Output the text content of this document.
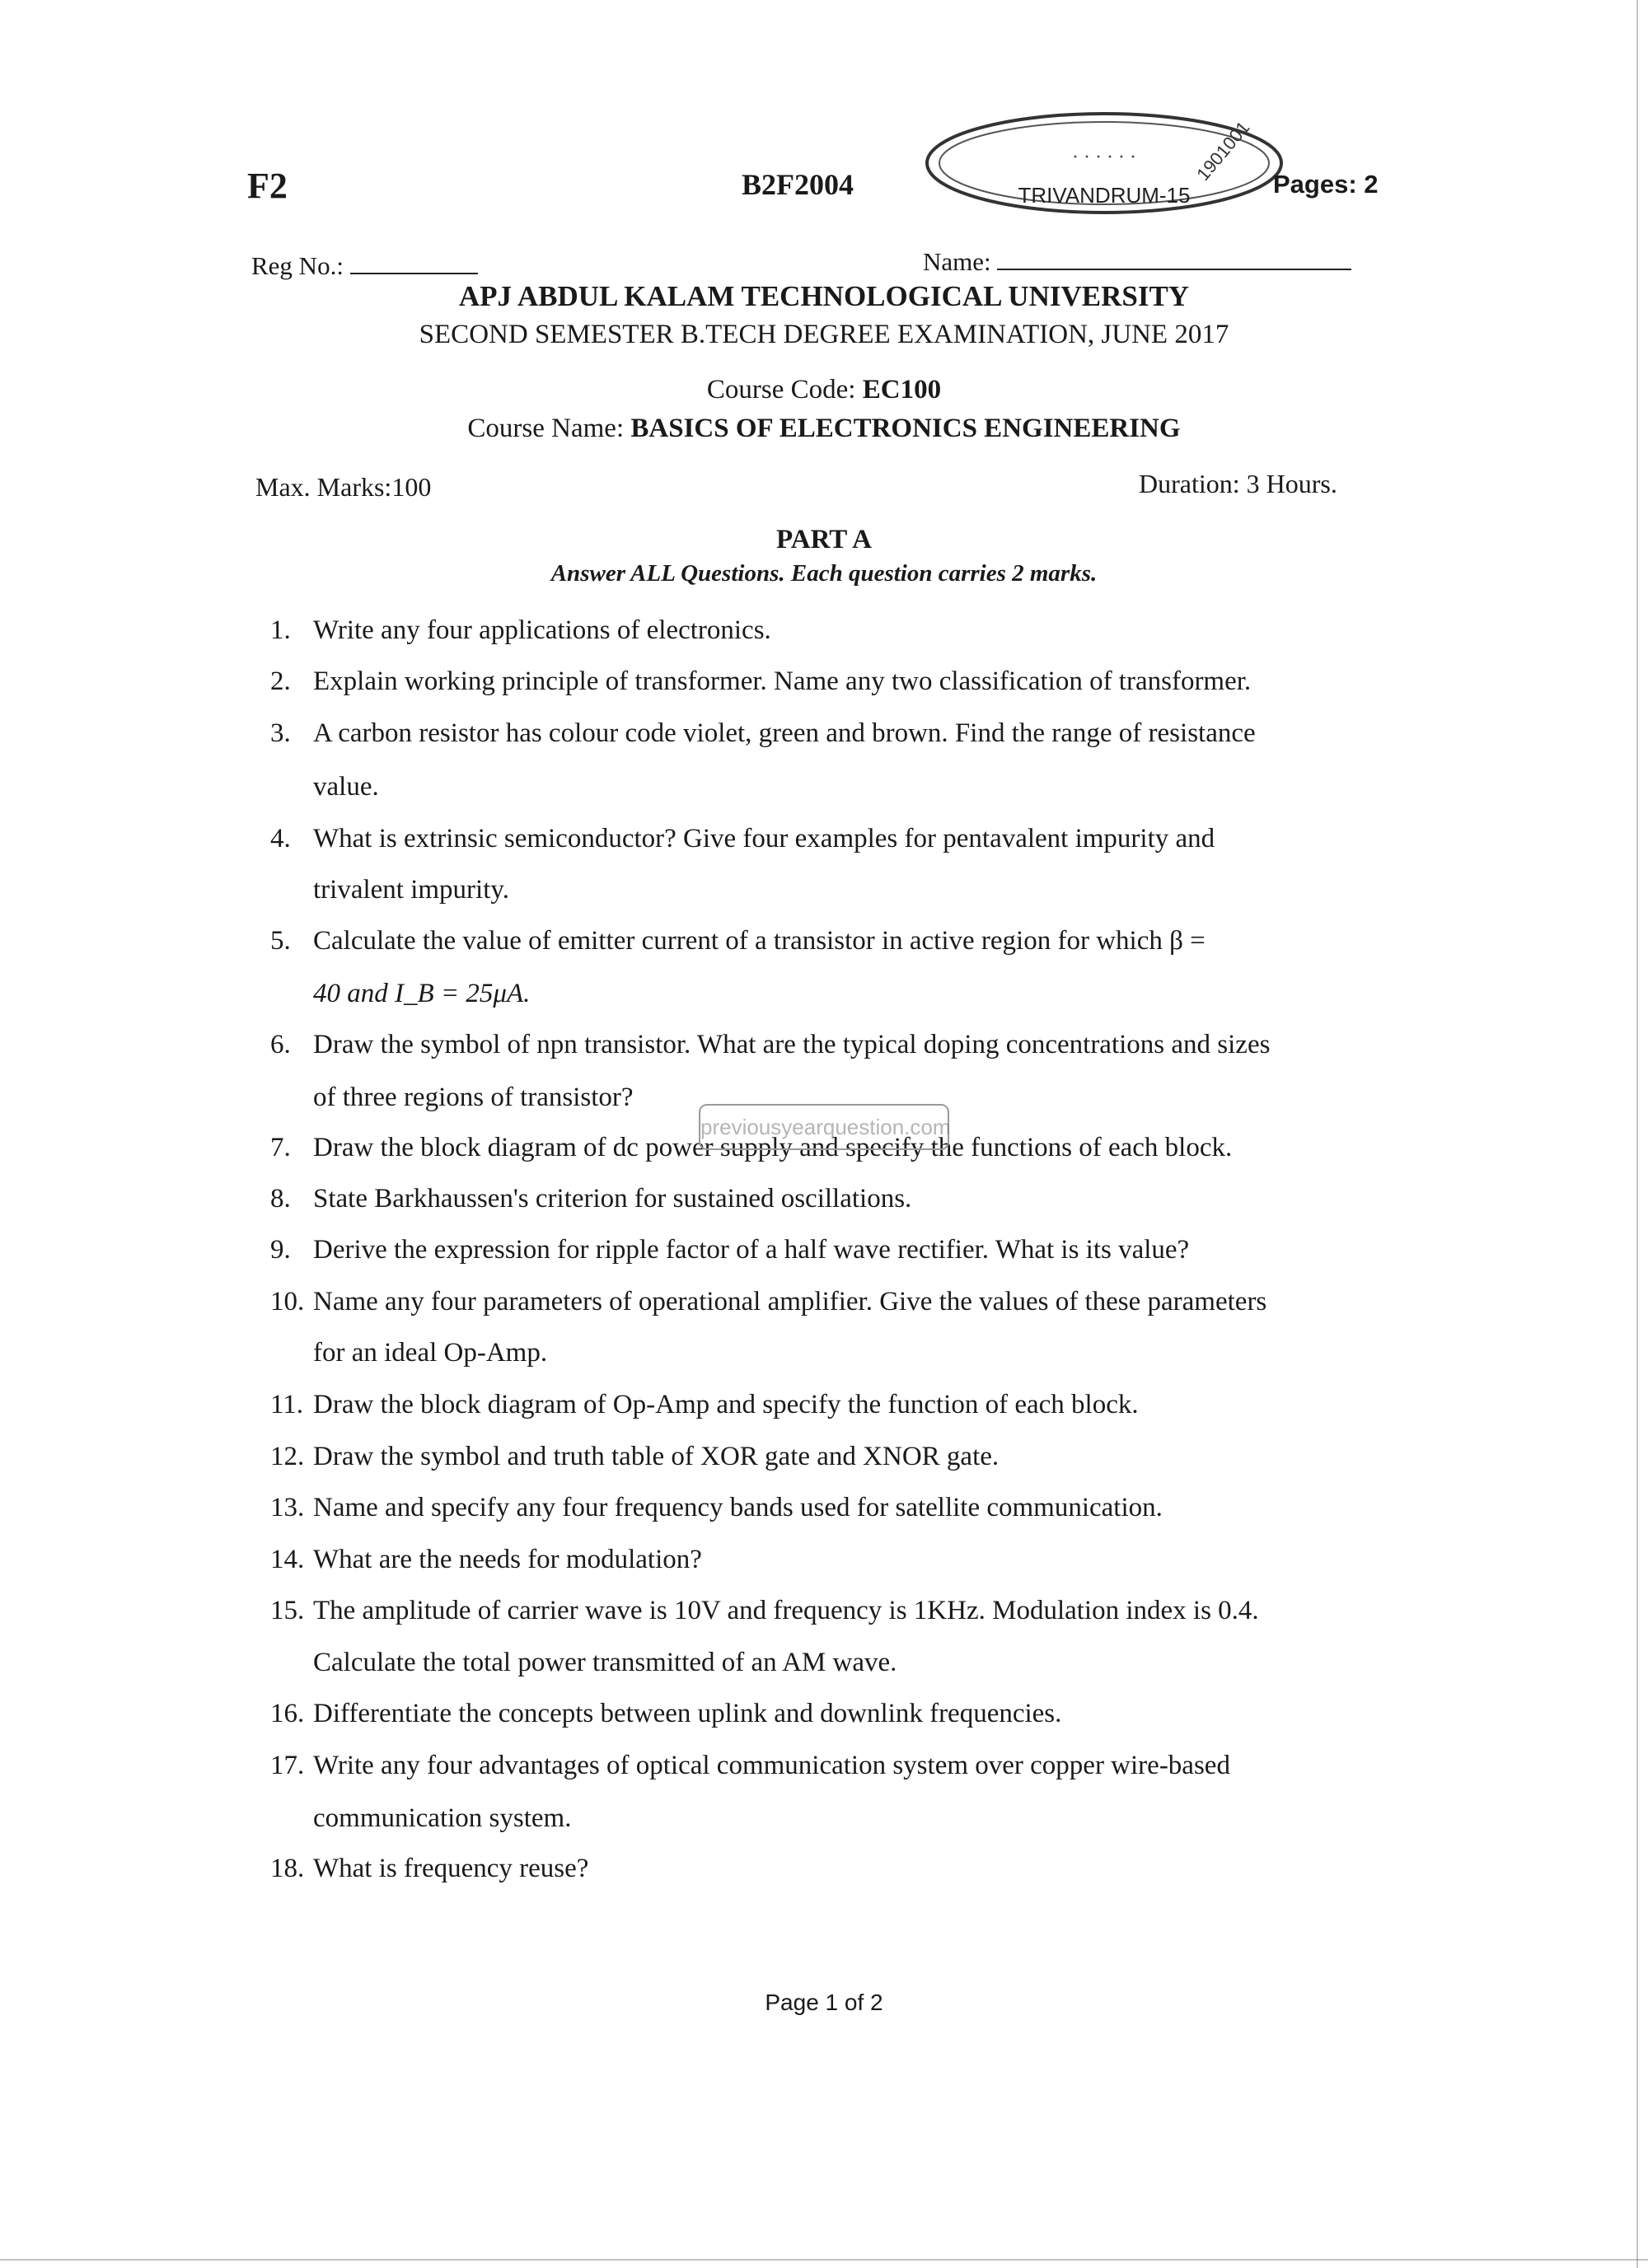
TRIVANDRUM-15
1901001
· · · · · ·
F2	B2F2004	Pages: 2
Reg No.:	Name:
APJ ABDUL KALAM TECHNOLOGICAL UNIVERSITY
SECOND SEMESTER B.TECH DEGREE EXAMINATION, JUNE 2017
Course Code: EC100
Course Name: BASICS OF ELECTRONICS ENGINEERING
Max. Marks:100	Duration: 3 Hours.
PART A
Answer ALL Questions. Each question carries 2 marks.
1. Write any four applications of electronics.
2. Explain working principle of transformer. Name any two classification of transformer.
3. A carbon resistor has colour code violet, green and brown. Find the range of resistance
value.
4. What is extrinsic semiconductor? Give four examples for pentavalent impurity and
trivalent impurity.
5. Calculate the value of emitter current of a transistor in active region for which β =
40 and I_B = 25μA.
6. Draw the symbol of npn transistor. What are the typical doping concentrations and sizes
of three regions of transistor?
7. Draw the block diagram of dc power supply and specify the functions of each block.
8. State Barkhaussen's criterion for sustained oscillations.
9. Derive the expression for ripple factor of a half wave rectifier. What is its value?
10. Name any four parameters of operational amplifier. Give the values of these parameters
for an ideal Op-Amp.
11. Draw the block diagram of Op-Amp and specify the function of each block.
12. Draw the symbol and truth table of XOR gate and XNOR gate.
13. Name and specify any four frequency bands used for satellite communication.
14. What are the needs for modulation?
15. The amplitude of carrier wave is 10V and frequency is 1KHz. Modulation index is 0.4.
Calculate the total power transmitted of an AM wave.
16. Differentiate the concepts between uplink and downlink frequencies.
17. Write any four advantages of optical communication system over copper wire-based
communication system.
18. What is frequency reuse?
previousyearquestion.com
Page 1 of 2
